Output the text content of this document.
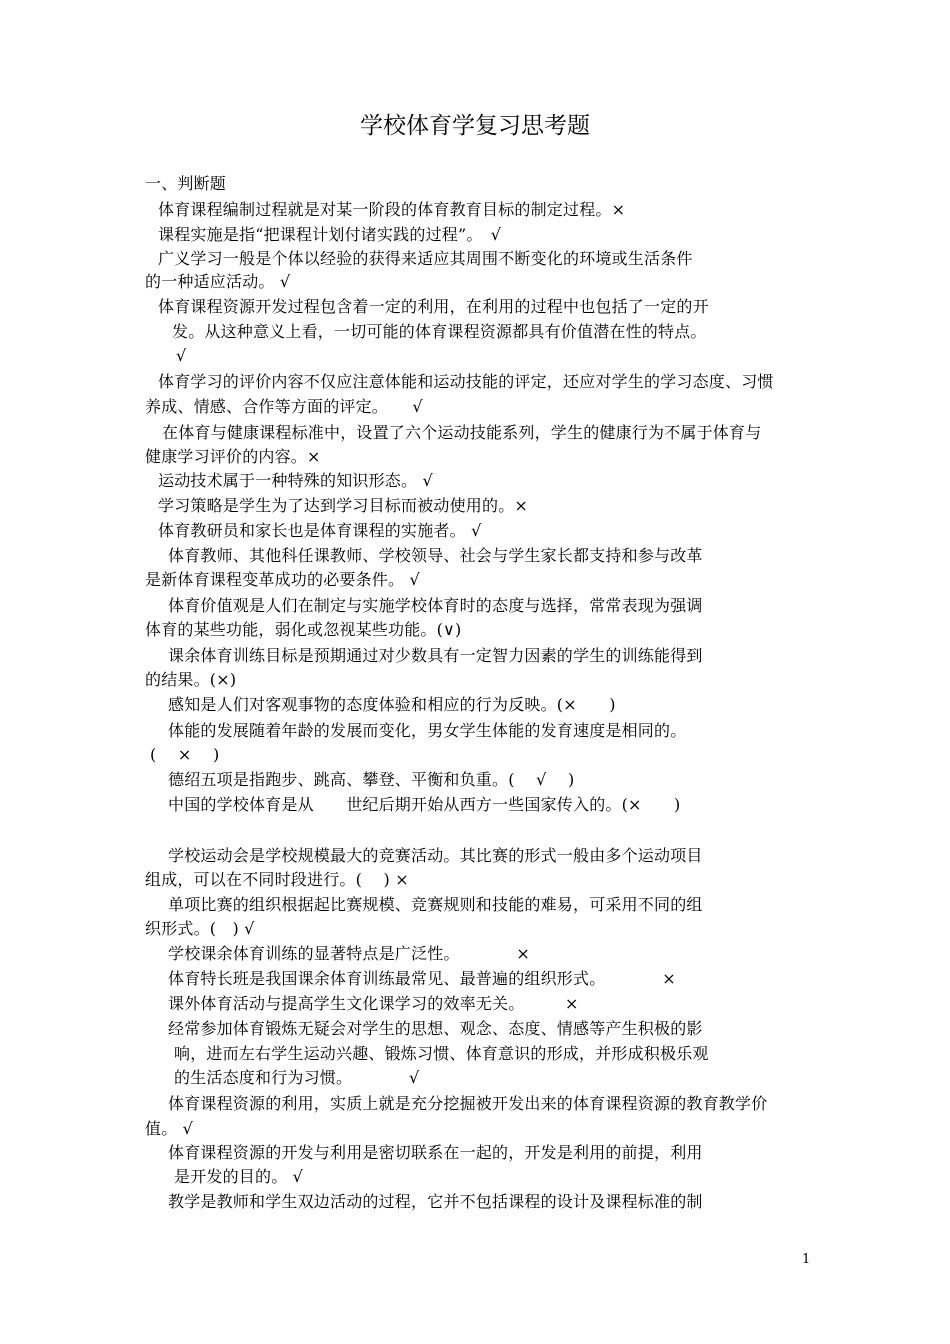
学校体育学复习思考题
一、判断题
体育课程编制过程就是对某一阶段的体育教育目标的制定过程。×
课程实施是指“把课程计划付诸实践的过程”。　√
广义学习一般是个体以经验的获得来适应其周围不断变化的环境或生活条件
的一种适应活动。 √
体育课程资源开发过程包含着一定的利用，在利用的过程中也包括了一定的开
发。从这种意义上看，一切可能的体育课程资源都具有价值潜在性的特点。
√
体育学习的评价内容不仅应注意体能和运动技能的评定，还应对学生的学习态度、习惯
养成、情感、合作等方面的评定。　　√
在体育与健康课程标准中，设置了六个运动技能系列，学生的健康行为不属于体育与
健康学习评价的内容。×
运动技术属于一种特殊的知识形态。 √
学习策略是学生为了达到学习目标而被动使用的。×
体育教研员和家长也是体育课程的实施者。 √
体育教师、其他科任课教师、学校领导、社会与学生家长都支持和参与改革
是新体育课程变革成功的必要条件。 √
体育价值观是人们在制定与实施学校体育时的态度与选择，常常表现为强调
体育的某些功能，弱化或忽视某些功能。(∨)
课余体育训练目标是预期通过对少数具有一定智力因素的学生的训练能得到
的结果。(×)
感知是人们对客观事物的态度体验和相应的行为反映。(×　　)
体能的发展随着年龄的发展而变化，男女学生体能的发育速度是相同的。
(　 ×　 )
德绍五项是指跑步、跳高、攀登、平衡和负重。(　 √　 )
中国的学校体育是从　　世纪后期开始从西方一些国家传入的。(×　　)
学校运动会是学校规模最大的竞赛活动。其比赛的形式一般由多个运动项目
组成，可以在不同时段进行。(　 ) ×
单项比赛的组织根据起比赛规模、竞赛规则和技能的难易，可采用不同的组
织形式。(　) √
学校课余体育训练的显著特点是广泛性。　　　　×
体育特长班是我国课余体育训练最常见、最普遍的组织形式。　　　　×
课外体育活动与提高学生文化课学习的效率无关。　　　×
经常参加体育锻炼无疑会对学生的思想、观念、态度、情感等产生积极的影
响，进而左右学生运动兴趣、锻炼习惯、体育意识的形成，并形成积极乐观
的生活态度和行为习惯。　　　　√
体育课程资源的利用，实质上就是充分挖掘被开发出来的体育课程资源的教育教学价
值。 √
体育课程资源的开发与利用是密切联系在一起的，开发是利用的前提，利用
是开发的目的。 √
教学是教师和学生双边活动的过程，它并不包括课程的设计及课程标准的制
1
